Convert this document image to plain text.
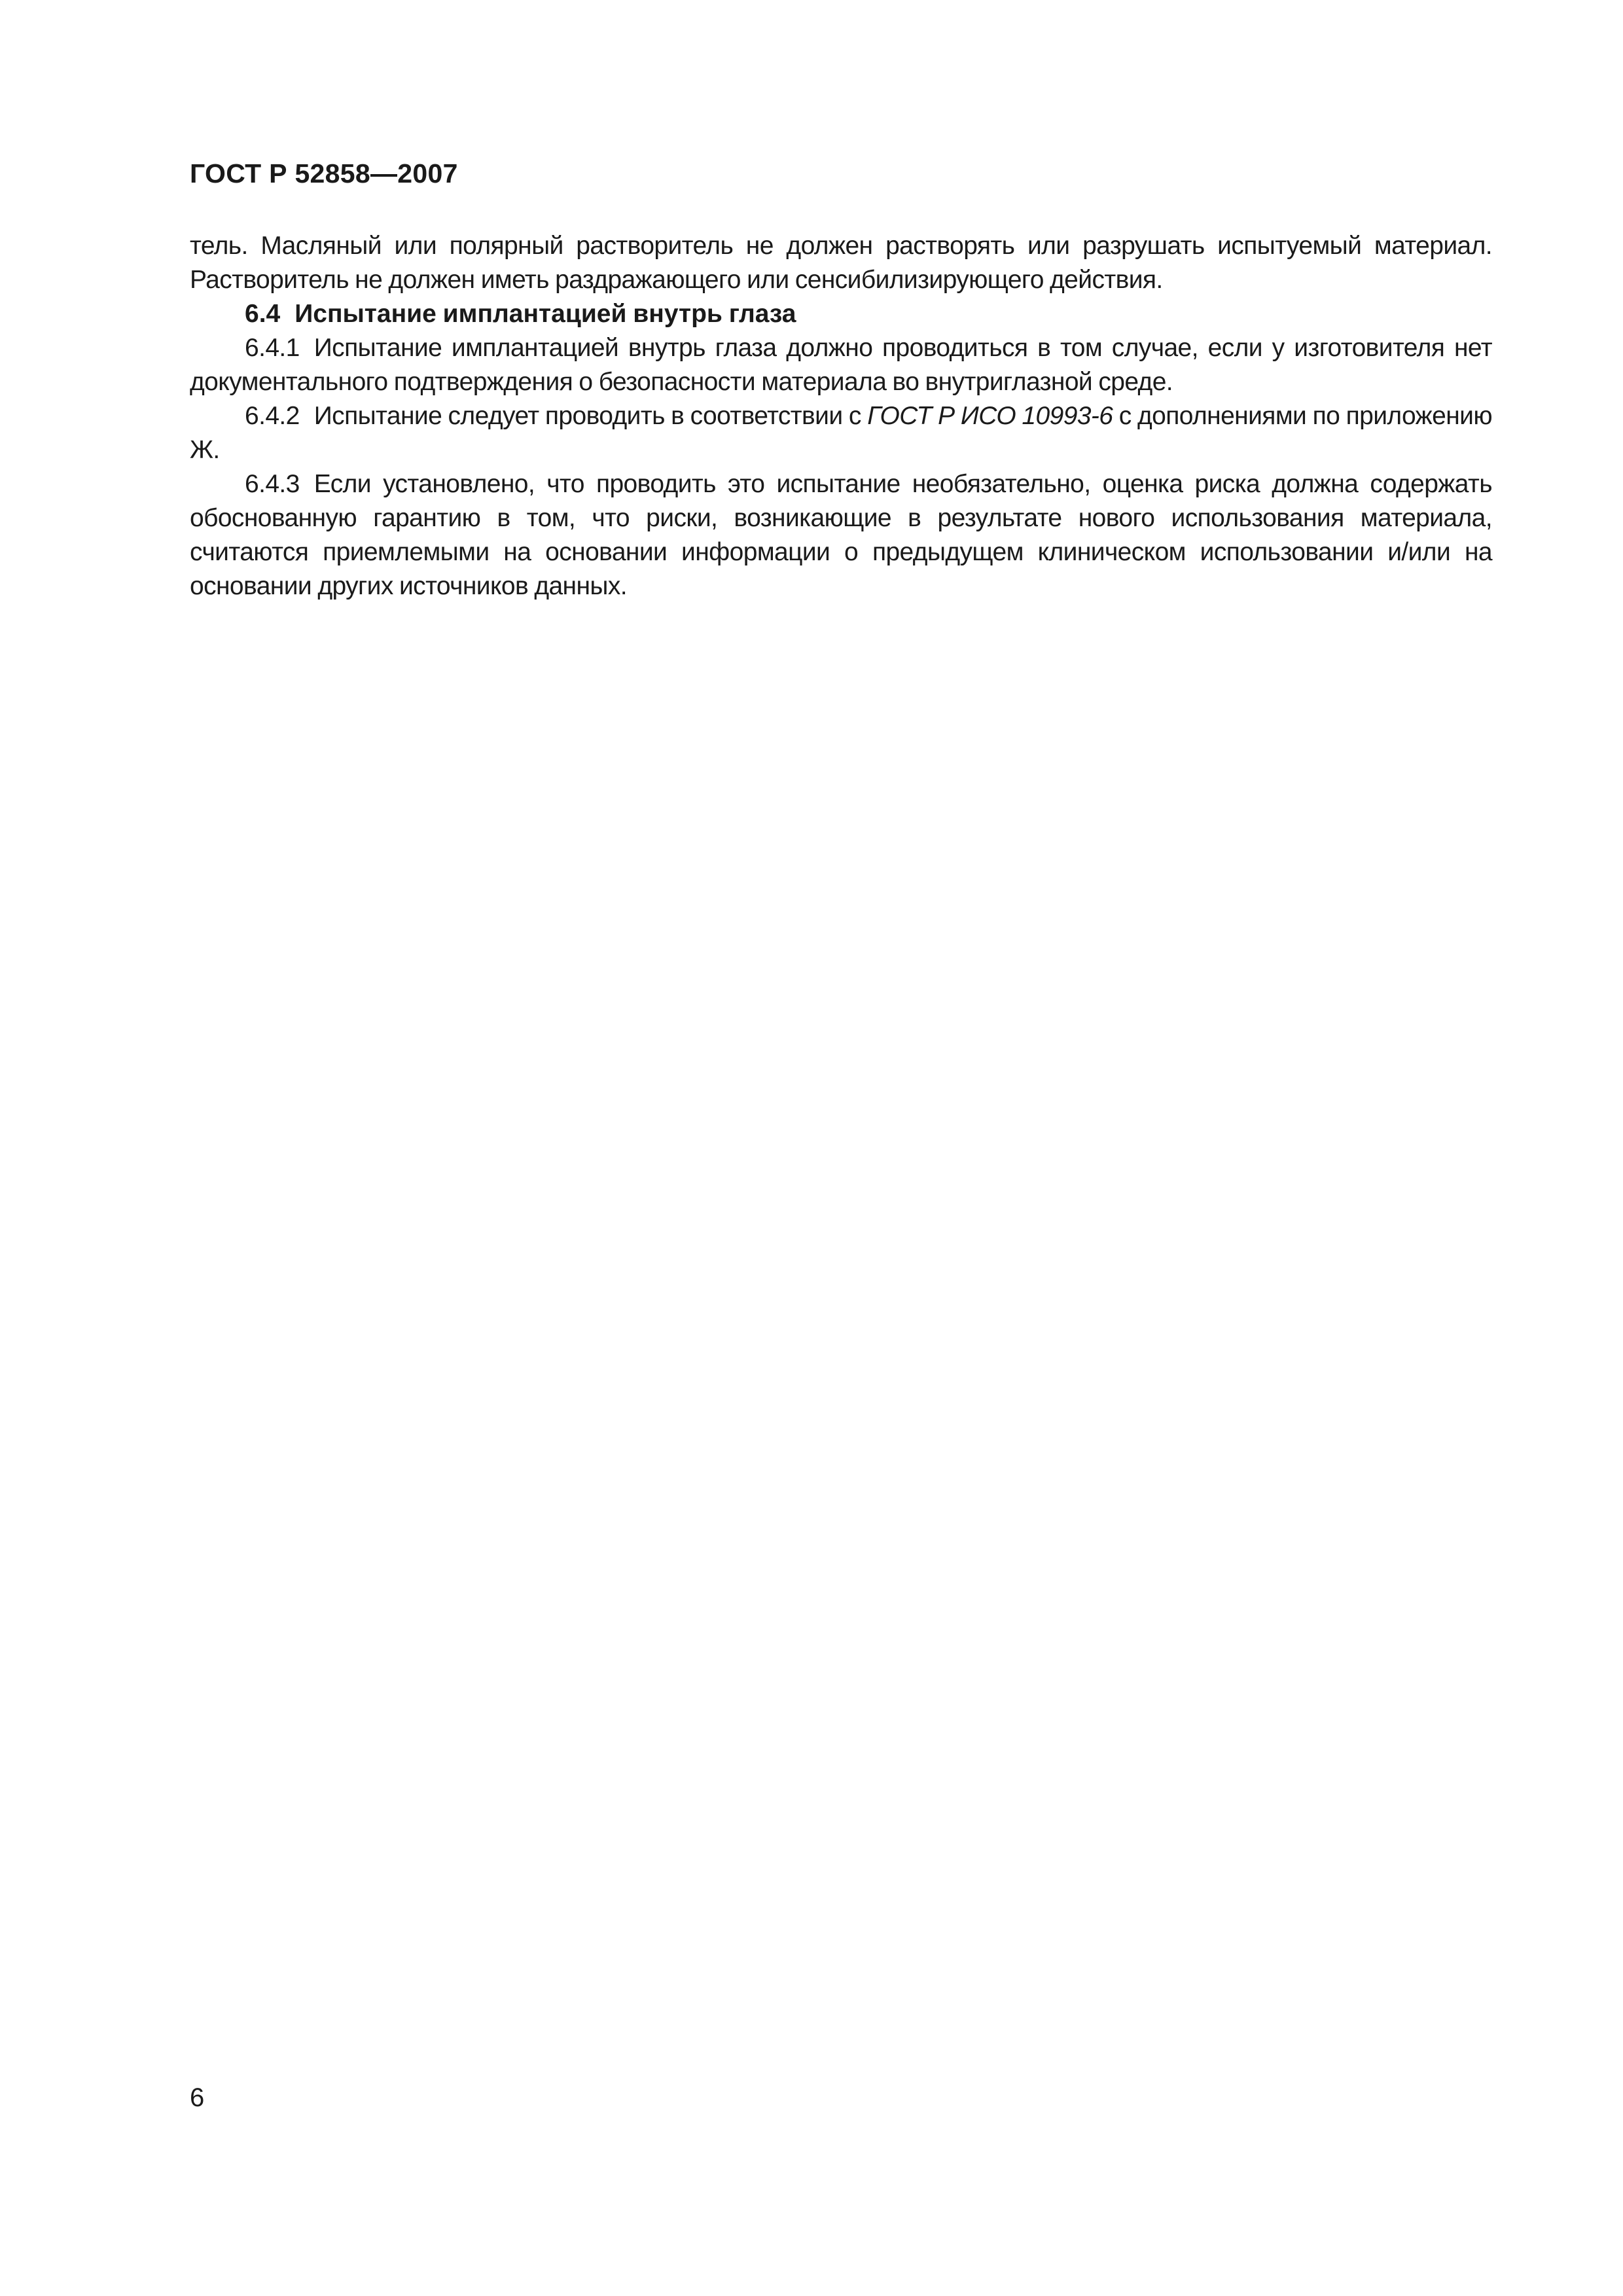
ГОСТ Р 52858—2007

тель. Масляный или полярный растворитель не должен растворять или разрушать испытуемый материал. Растворитель не должен иметь раздражающего или сенсибилизирующего действия.

6.4 Испытание имплантацией внутрь глаза

6.4.1 Испытание имплантацией внутрь глаза должно проводиться в том случае, если у изготовителя нет документального подтверждения о безопасности материала во внутриглазной среде.

6.4.2 Испытание следует проводить в соответствии с ГОСТ Р ИСО 10993-6 с дополнениями по приложению Ж.

6.4.3 Если установлено, что проводить это испытание необязательно, оценка риска должна содержать обоснованную гарантию в том, что риски, возникающие в результате нового использования материала, считаются приемлемыми на основании информации о предыдущем клиническом использовании и/или на основании других источников данных.

6
